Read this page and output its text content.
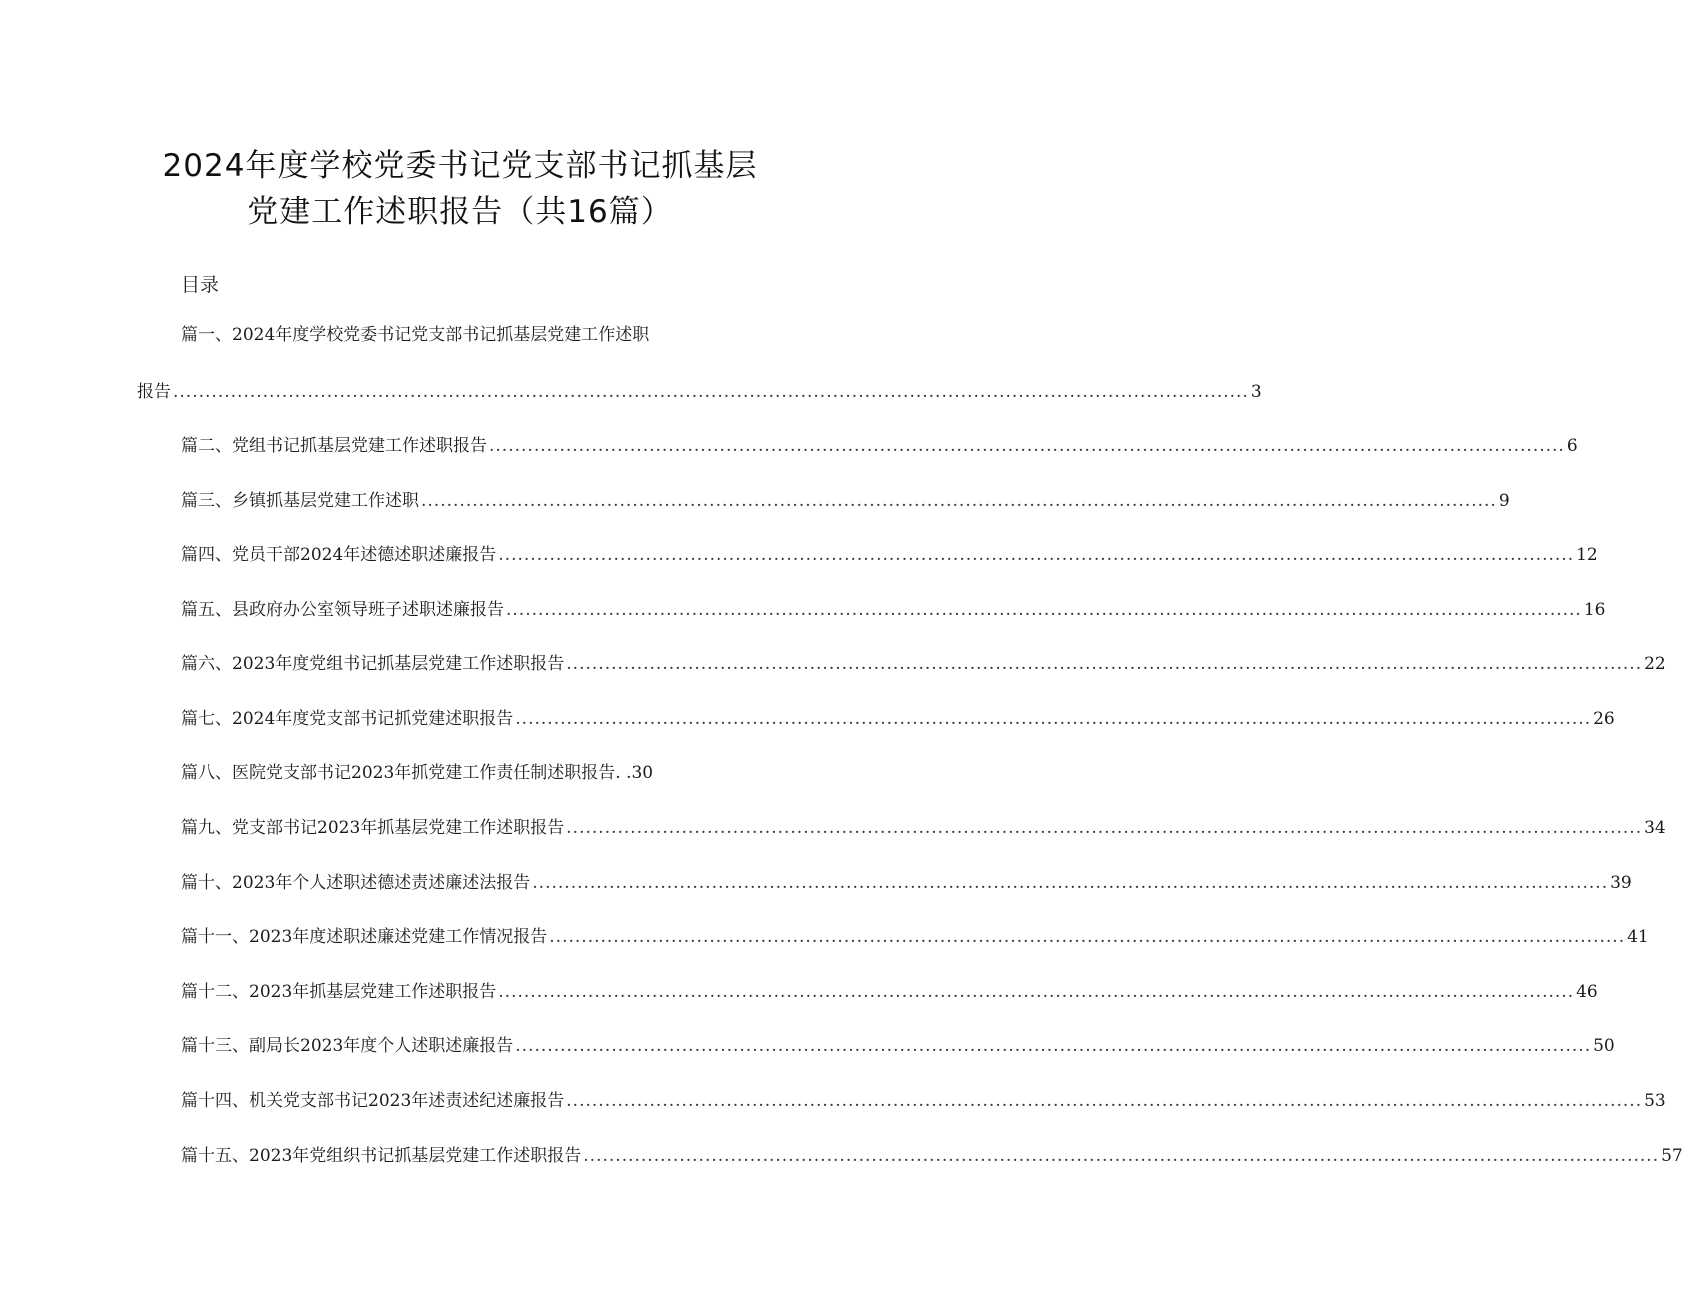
2024年度学校党委书记党支部书记抓基层
党建工作述职报告（共16篇）
目录
篇一、2024年度学校党委书记党支部书记抓基层党建工作述职
报告 .....	3
篇二、党组书记抓基层党建工作述职报告 .....	6
篇三、乡镇抓基层党建工作述职 .....	9
篇四、党员干部2024年述德述职述廉报告 .....	12
篇五、县政府办公室领导班子述职述廉报告 .....	16
篇六、2023年度党组书记抓基层党建工作述职报告 .....	22
篇七、2024年度党支部书记抓党建述职报告 .....	26
篇八、医院党支部书记2023年抓党建工作责任制述职报告. . 30
篇九、党支部书记2023年抓基层党建工作述职报告 .....	34
篇十、2023年个人述职述德述责述廉述法报告 .....	39
篇十一、2023年度述职述廉述党建工作情况报告 .....	41
篇十二、2023年抓基层党建工作述职报告 .....	46
篇十三、副局长2023年度个人述职述廉报告 .....	50
篇十四、机关党支部书记2023年述责述纪述廉报告 .....	53
篇十五、2023年党组织书记抓基层党建工作述职报告 .....	57
